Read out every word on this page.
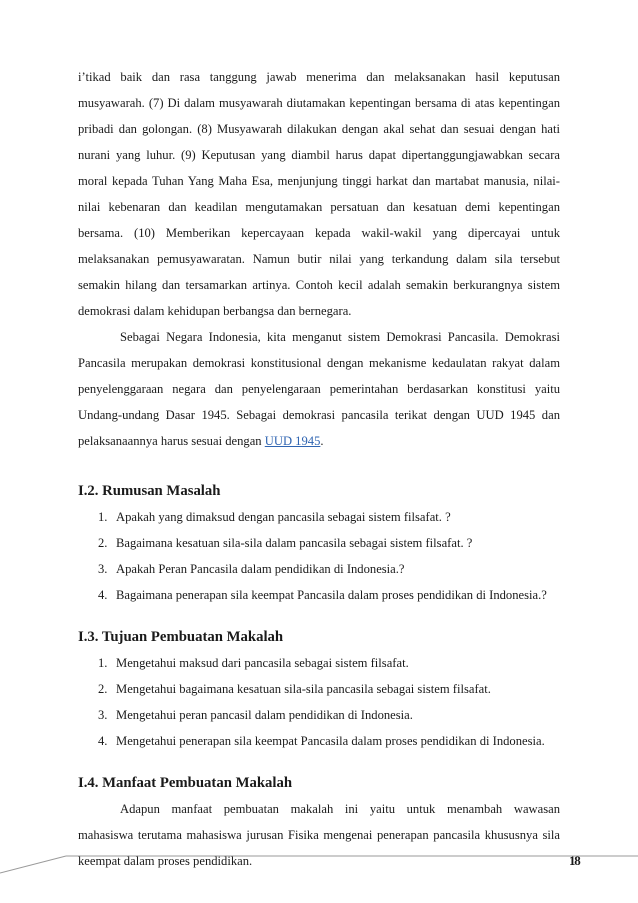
i’tikad baik dan rasa tanggung jawab menerima dan melaksanakan hasil keputusan
musyawarah. (7) Di dalam musyawarah diutamakan kepentingan bersama di atas kepentingan
pribadi dan golongan. (8) Musyawarah dilakukan dengan akal sehat dan sesuai dengan hati
nurani yang luhur. (9) Keputusan yang diambil harus dapat dipertanggungjawabkan secara
moral kepada Tuhan Yang Maha Esa, menjunjung tinggi harkat dan martabat manusia, nilai-
nilai kebenaran dan keadilan mengutamakan persatuan dan kesatuan demi kepentingan
bersama. (10) Memberikan kepercayaan kepada wakil-wakil yang dipercayai untuk
melaksanakan pemusyawaratan. Namun butir nilai yang terkandung dalam sila tersebut
semakin hilang dan tersamarkan artinya. Contoh kecil adalah semakin berkurangnya sistem
demokrasi dalam kehidupan berbangsa dan bernegara.

Sebagai Negara Indonesia, kita menganut sistem Demokrasi Pancasila. Demokrasi
Pancasila merupakan demokrasi konstitusional dengan mekanisme kedaulatan rakyat dalam
penyelenggaraan negara dan penyelengaraan pemerintahan berdasarkan konstitusi yaitu
Undang-undang Dasar 1945. Sebagai demokrasi pancasila terikat dengan UUD 1945 dan
pelaksanaannya harus sesuai dengan UUD 1945.

I.2. Rumusan Masalah
1. Apakah yang dimaksud dengan pancasila sebagai sistem filsafat. ?
2. Bagaimana kesatuan sila-sila dalam pancasila sebagai sistem filsafat. ?
3. Apakah Peran Pancasila dalam pendidikan di Indonesia.?
4. Bagaimana penerapan sila keempat Pancasila dalam proses pendidikan di Indonesia.?
I.3. Tujuan Pembuatan Makalah
1. Mengetahui maksud dari pancasila sebagai sistem filsafat.
2. Mengetahui bagaimana kesatuan sila-sila pancasila sebagai sistem filsafat.
3. Mengetahui peran pancasil dalam pendidikan di Indonesia.
4. Mengetahui penerapan sila keempat Pancasila dalam proses pendidikan di Indonesia.
I.4. Manfaat Pembuatan Makalah

Adapun manfaat pembuatan makalah ini yaitu untuk menambah wawasan
mahasiswa terutama mahasiswa jurusan Fisika mengenai penerapan pancasila khususnya sila
keempat dalam proses pendidikan.	18
